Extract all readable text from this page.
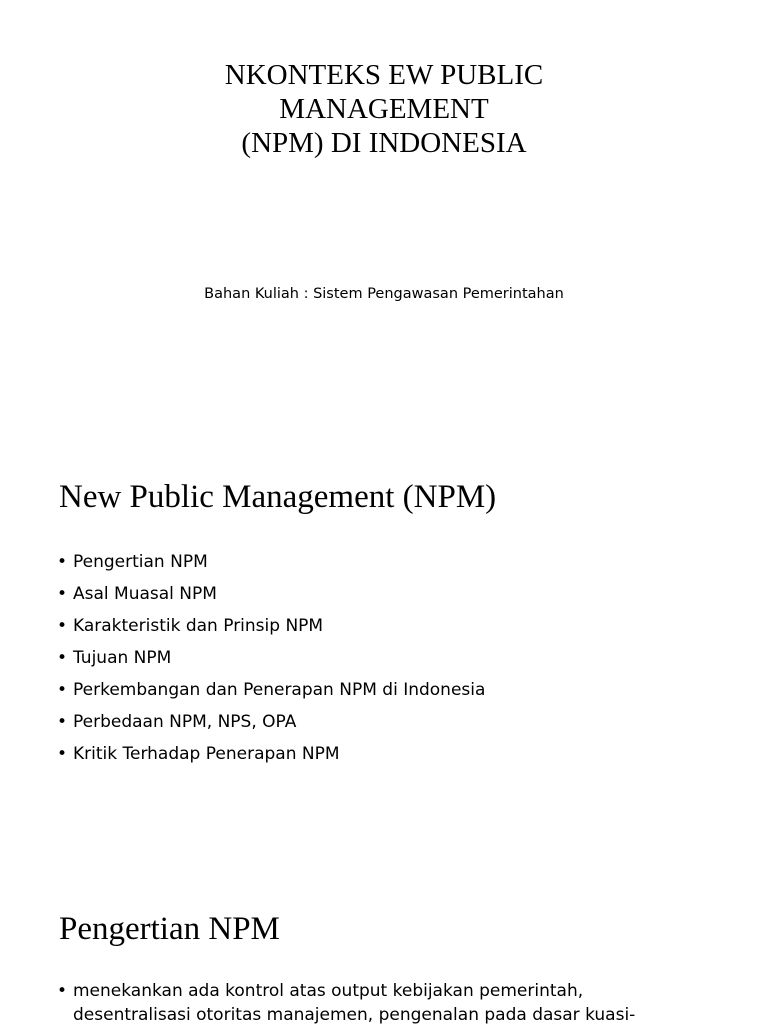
NKONTEKS EW PUBLIC
MANAGEMENT
(NPM) DI INDONESIA

Bahan Kuliah : Sistem Pengawasan Pemerintahan

New Public Management (NPM)
• Pengertian NPM
• Asal Muasal NPM
• Karakteristik dan Prinsip NPM
• Tujuan NPM
• Perkembangan dan Penerapan NPM di Indonesia
• Perbedaan NPM, NPS, OPA
• Kritik Terhadap Penerapan NPM
Pengertian NPM
• menekankan ada kontrol atas output kebijakan pemerintah, desentralisasi otoritas manajemen, pengenalan pada dasar kuasi-
